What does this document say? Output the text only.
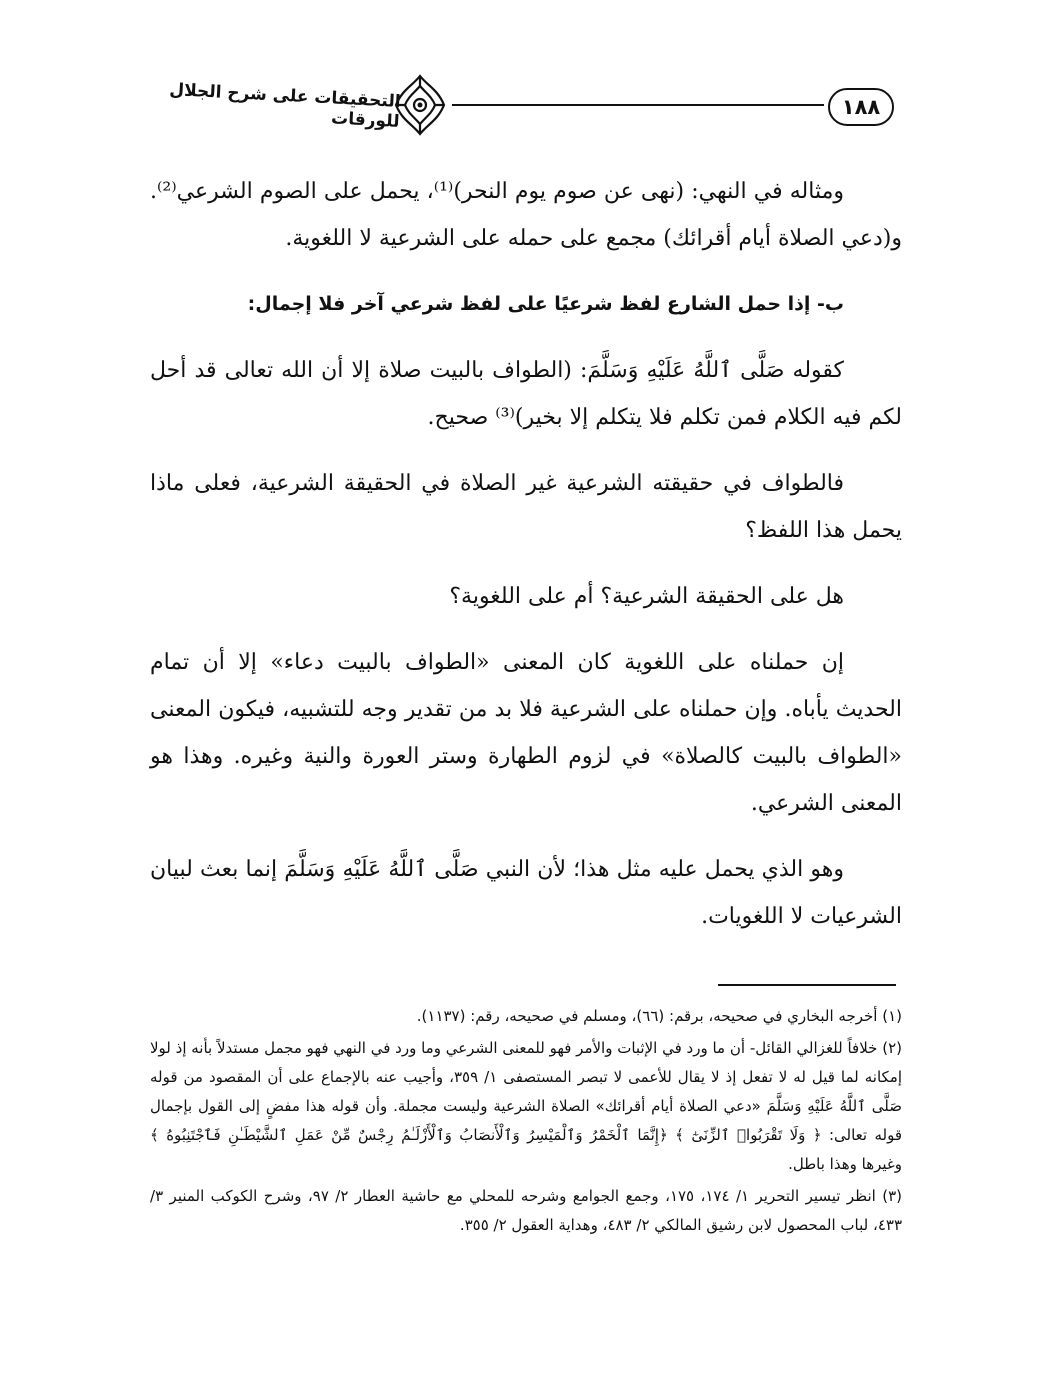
التحقيقات على شرح الجلال للورقات
١٨٨

ومثاله في النهي: (نهى عن صوم يوم النحر)⁽¹⁾، يحمل على الصوم الشرعي⁽²⁾. و(دعي الصلاة أيام أقرائك) مجمع على حمله على الشرعية لا اللغوية.

ب- إذا حمل الشارع لفظ شرعيًا على لفظ شرعي آخر فلا إجمال:

كقوله صَلَّى ٱللَّهُ عَلَيْهِ وَسَلَّمَ: (الطواف بالبيت صلاة إلا أن الله تعالى قد أحل لكم فيه الكلام فمن تكلم فلا يتكلم إلا بخير)⁽³⁾ صحيح.

فالطواف في حقيقته الشرعية غير الصلاة في الحقيقة الشرعية، فعلى ماذا يحمل هذا اللفظ؟

هل على الحقيقة الشرعية؟ أم على اللغوية؟

إن حملناه على اللغوية كان المعنى «الطواف بالبيت دعاء» إلا أن تمام الحديث يأباه. وإن حملناه على الشرعية فلا بد من تقدير وجه للتشبيه، فيكون المعنى «الطواف بالبيت كالصلاة» في لزوم الطهارة وستر العورة والنية وغيره. وهذا هو المعنى الشرعي.

وهو الذي يحمل عليه مثل هذا؛ لأن النبي صَلَّى ٱللَّهُ عَلَيْهِ وَسَلَّمَ إنما بعث لبيان الشرعيات لا اللغويات.

(١) أخرجه البخاري في صحيحه، برقم: (٦٦)، ومسلم في صحيحه، رقم: (١١٣٧).

(٢) خلافاً للغزالي القائل- أن ما ورد في الإثبات والأمر فهو للمعنى الشرعي وما ورد في النهي فهو مجمل مستدلاً بأنه إذ لولا إمكانه لما قيل له لا تفعل إذ لا يقال للأعمى لا تبصر المستصفى ١/ ٣٥٩، وأجيب عنه بالإجماع على أن المقصود من قوله صَلَّى ٱللَّهُ عَلَيْهِ وَسَلَّمَ «دعي الصلاة أيام أقرائك» الصلاة الشرعية وليست مجملة. وأن قوله هذا مفضٍ إلى القول بإجمال قوله تعالى: ﴿ وَلَا تَقْرَبُوا۟ ٱلزِّنَىٰٓ ﴾ ﴿إِنَّمَا ٱلْخَمْرُ وَٱلْمَيْسِرُ وَٱلْأَنصَابُ وَٱلْأَزْلَـٰمُ رِجْسٌ مِّنْ عَمَلِ ٱلشَّيْطَـٰنِ فَٱجْتَنِبُوهُ ﴾ وغيرها وهذا باطل.

(٣) انظر تيسير التحرير ١/ ١٧٤، ١٧٥، وجمع الجوامع وشرحه للمحلي مع حاشية العطار ٢/ ٩٧، وشرح الكوكب المنير ٣/ ٤٣٣، لباب المحصول لابن رشيق المالكي ٢/ ٤٨٣، وهداية العقول ٢/ ٣٥٥.
